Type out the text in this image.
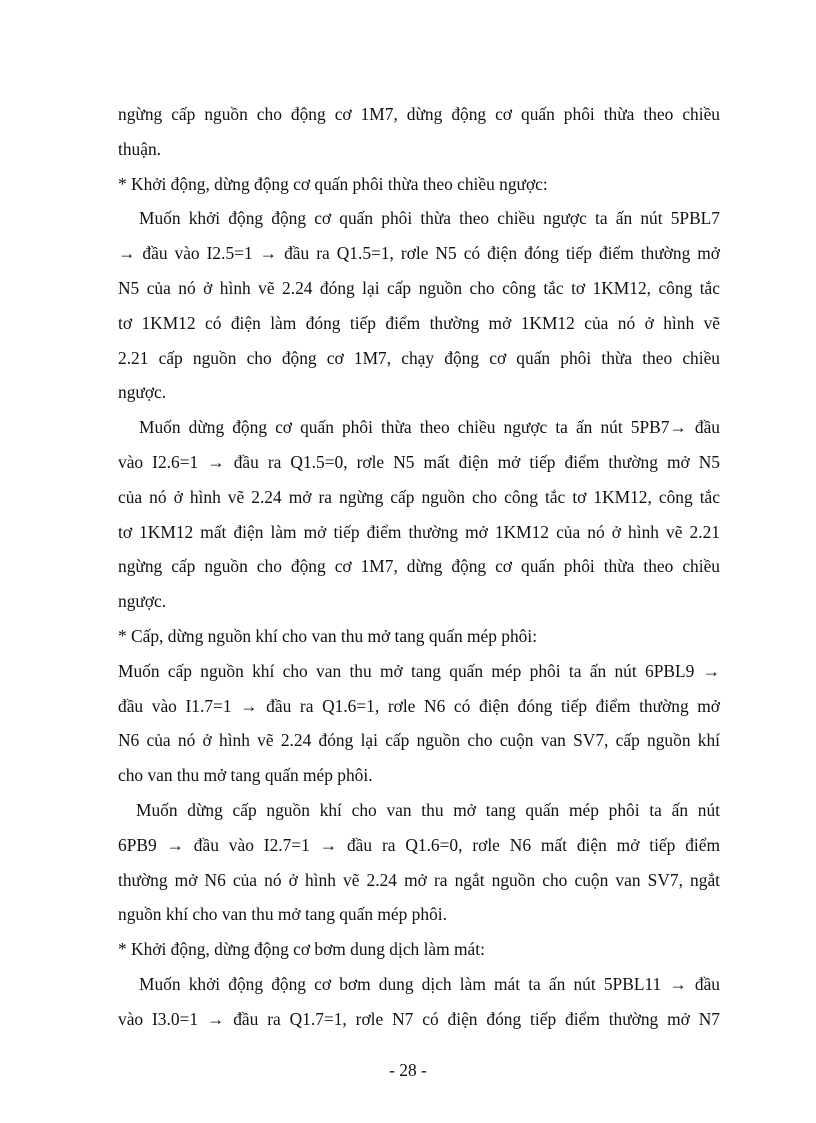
ngừng cấp nguồn cho động cơ 1M7, dừng động cơ quấn phôi thừa theo chiều

thuận.

* Khởi động, dừng động cơ quấn phôi thừa theo chiều ngược:

Muốn khởi động động cơ quấn phôi thừa theo chiều ngược ta ấn nút 5PBL7

→ đầu vào I2.5=1 → đầu ra Q1.5=1, rơle N5 có điện đóng tiếp điểm thường mở

N5 của nó ở hình vẽ 2.24 đóng lại cấp nguồn cho công tắc tơ 1KM12, công tắc

tơ 1KM12 có điện làm đóng tiếp điểm thường mở 1KM12 của nó ở hình vẽ

2.21 cấp nguồn cho động cơ 1M7, chạy động cơ quấn phôi thừa theo chiều

ngược.

Muốn dừng động cơ quấn phôi thừa theo chiều ngược ta ấn nút 5PB7→ đầu

vào I2.6=1 → đầu ra Q1.5=0, rơle N5 mất điện mở tiếp điểm thường mở N5

của nó ở hình vẽ 2.24 mở ra ngừng cấp nguồn cho công tắc tơ 1KM12, công tắc

tơ 1KM12 mất điện làm mở tiếp điểm thường mở 1KM12 của nó ở hình vẽ 2.21

ngừng cấp nguồn cho động cơ 1M7, dừng động cơ quấn phôi thừa theo chiều

ngược.

* Cấp, dừng nguồn khí cho van thu mở tang quấn mép phôi:

Muốn cấp nguồn khí cho van thu mở tang quấn mép phôi ta ấn nút 6PBL9 →

đầu vào I1.7=1 → đầu ra Q1.6=1, rơle N6 có điện đóng tiếp điểm thường mở

N6 của nó ở hình vẽ 2.24 đóng lại cấp nguồn cho cuộn van SV7, cấp nguồn khí

cho van thu mở tang quấn mép phôi.

Muốn dừng cấp nguồn khí cho van thu mở tang quấn mép phôi ta ấn nút

6PB9 → đầu vào I2.7=1 → đầu ra Q1.6=0, rơle N6 mất điện mở tiếp điểm

thường mở N6 của nó ở hình vẽ 2.24 mở ra ngắt nguồn cho cuộn van SV7, ngắt

nguồn khí cho van thu mở tang quấn mép phôi.

* Khởi động, dừng động cơ bơm dung dịch làm mát:

Muốn khởi động động cơ bơm dung dịch làm mát ta ấn nút 5PBL11 → đầu

vào I3.0=1 → đầu ra Q1.7=1, rơle N7 có điện đóng tiếp điểm thường mở N7

- 28 -
